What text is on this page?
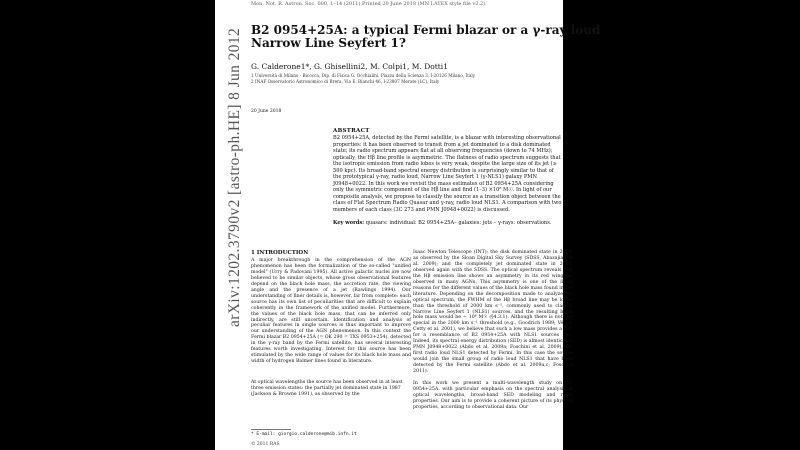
Mon. Not. R. Astron. Soc. 000, 1–14 (2011) Printed 20 June 2018 (MN LATEX style file v2.2)
B2 0954+25A: a typical Fermi blazar or a γ-ray loud
Narrow Line Seyfert 1?
G. Calderone1*, G. Ghisellini2, M. Colpi1, M. Dotti1
1 Università di Milano - Bicocca, Dip. di Fisica G. Occhialini, Piazza della Scienza 3, I-20126 Milano, Italy
2 INAF Osservatorio Astronomico di Brera, Via E. Bianchi 46, I-23807 Merate (LC), Italy
20 June 2018
ABSTRACT
B2 0954+25A, detected by the Fermi satellite, is a blazar with interesting observational properties: it has been observed to transit from a jet dominated to a disk dominated state; its radio spectrum appears flat at all observing frequencies (down to 74 MHz); optically, the Hβ line profile is asymmetric. The flatness of radio spectrum suggests that the isotropic emission from radio lobes is very weak, despite the large size of its jet (≳ 500 kpc). Its broad-band spectral energy distribution is surprisingly similar to that of the prototypical γ-ray, radio loud, Narrow Line Seyfert 1 (γ-NLS1) galaxy PMN J0948+0022. In this work we revisit the mass estimates of B2 0954+25A considering only the symmetric component of the Hβ line and find (1–3) ×10⁸ M☉. In light of our composite analysis, we propose to classify the source as a transition object between the class of Flat Spectrum Radio Quasar and γ-ray, radio loud NLS1. A comparison with two members of each class (3C 273 and PMN J0948+0022) is discussed.
Key words: quasars: individual: B2 0954+25A– galaxies: jets – γ-rays: observations.
1 INTRODUCTION
A major breakthrough in the comprehension of the AGN phenomenon has been the formalization of the so-called "unified model" (Urry & Padovani 1995). All active galactic nuclei are now believed to be similar objects, whose gross observational features depend on the black hole mass, the accretion rate, the viewing angle and the presence of a jet (Rawlings 1994). Our understanding of finer details is, however, far from complete: each source has its own list of peculiarities that are difficult to explain coherently in the framework of the unified model. Furthermore, the values of the black hole mass, that can be inferred only indirectly, are still uncertain. Identification and analysis of peculiar features in single sources is thus important to improve our understanding of the AGN phenomenon. In this context the Fermi blazar B2 0954+25A (= OK 290 = TXS 0953+254), detected in the γ-ray band by the Fermi satellite, has several interesting features worth investigating. Interest for this source has been stimulated by the wide range of values for its black hole mass and width of hydrogen Balmer lines found in literature.
At optical wavelengths the source has been observed in at least three emission states: the partially jet dominated state in 1987 (Jackson & Browne 1991), as observed by the
Isaac Newton Telescope (INT); the disk dominated state in 2004, as observed by the Sloan Digital Sky Survey (SDSS, Abazajian et al. 2009); and the completely jet dominated state in 2006, observed again with the SDSS. The optical spectrum reveals that the Hβ emission line shows an asymmetry in its red wing, as observed in many AGNs. This asymmetry is one of the likely reasons for the different values of the black hole mass found in the literature. Depending on the decomposition made to analyze the optical spectrum, the FWHM of the Hβ broad line may be lower than the threshold of 2000 km s⁻¹, commonly used to classify Narrow Line Seyfert 1 (NLS1) sources, and the resulting black hole mass would be ∼ 10⁸ M☉ (§4.3.1). Although there is nothing special in the 2000 km s⁻¹ threshold (e.g., Goodrich 1989; Véron-Cetty et al. 2001), we believe that such a low mass provides a hint for a resemblance of B2 0954+25A with NLS1 sources (§6). Indeed, its spectral energy distribution (SED) is almost identical to PMN J0948+0022 (Abdo et al. 2009a; Foschini et al. 2009), the first radio loud NLS1 detected by Fermi. In this case the source would join the small group of radio loud NLS1 that have been detected by the Fermi satellite (Abdo et al. 2009a,c; Foschini 2011).

In this work we present a multi-wavelength study on B2 0954+25A, with particular emphasis on the spectral analysis at optical wavelengths, broad-band SED modeling and radio properties. Our aim is to provide a coherent picture of its physical properties, according to observational data. Our
* E-mail: giorgio.calderone@mib.infn.it
© 2011 RAS
arXiv:1202.3790v2 [astro-ph.HE] 8 Jun 2012
